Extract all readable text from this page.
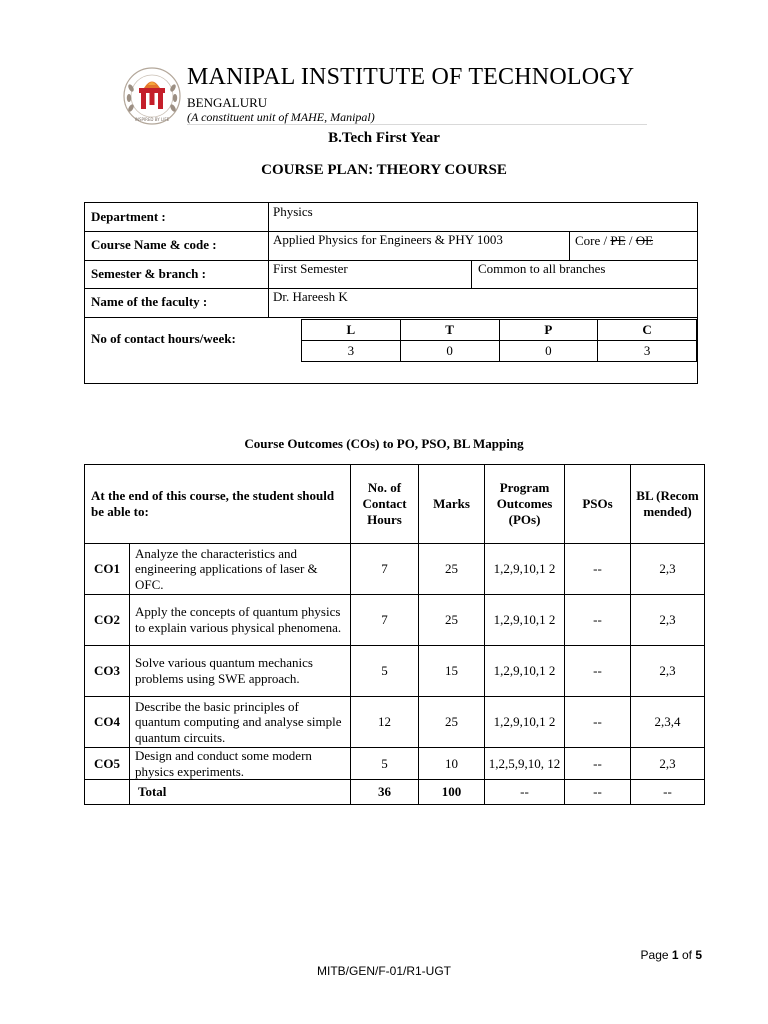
INSPIRED BY LIFE
MANIPAL INSTITUTE OF TECHNOLOGY
BENGALURU
(A constituent unit of MAHE, Manipal)
B.Tech First Year
COURSE PLAN: THEORY COURSE
Department :	Physics
Course Name & code :	Applied Physics for Engineers & PHY 1003	Core / PE / OE
Semester & branch :	First Semester	Common to all branches
Name of the faculty :	Dr. Hareesh K
No of contact hours/week:
L	T	P	C
3	0	0	3
Course Outcomes (COs) to PO, PSO, BL Mapping
At the end of this course, the student should be able to:		No. of Contact Hours	Marks	Program Outcomes (POs)	PSOs	BL (Recom mended)
CO1	Analyze the characteristics and engineering applications of laser & OFC.	7	25	1,2,9,10,1 2	--	2,3
CO2	Apply the concepts of quantum physics to explain various physical phenomena.	7	25	1,2,9,10,1 2	--	2,3
CO3	Solve various quantum mechanics problems using SWE approach.	5	15	1,2,9,10,1 2	--	2,3
CO4	Describe the basic principles of quantum computing and analyse simple quantum circuits.	12	25	1,2,9,10,1 2	--	2,3,4
CO5	Design and conduct some modern physics experiments.	5	10	1,2,5,9,10, 12	--	2,3
	Total	36	100	--	--	--
Page 1 of 5
MITB/GEN/F-01/R1-UGT
